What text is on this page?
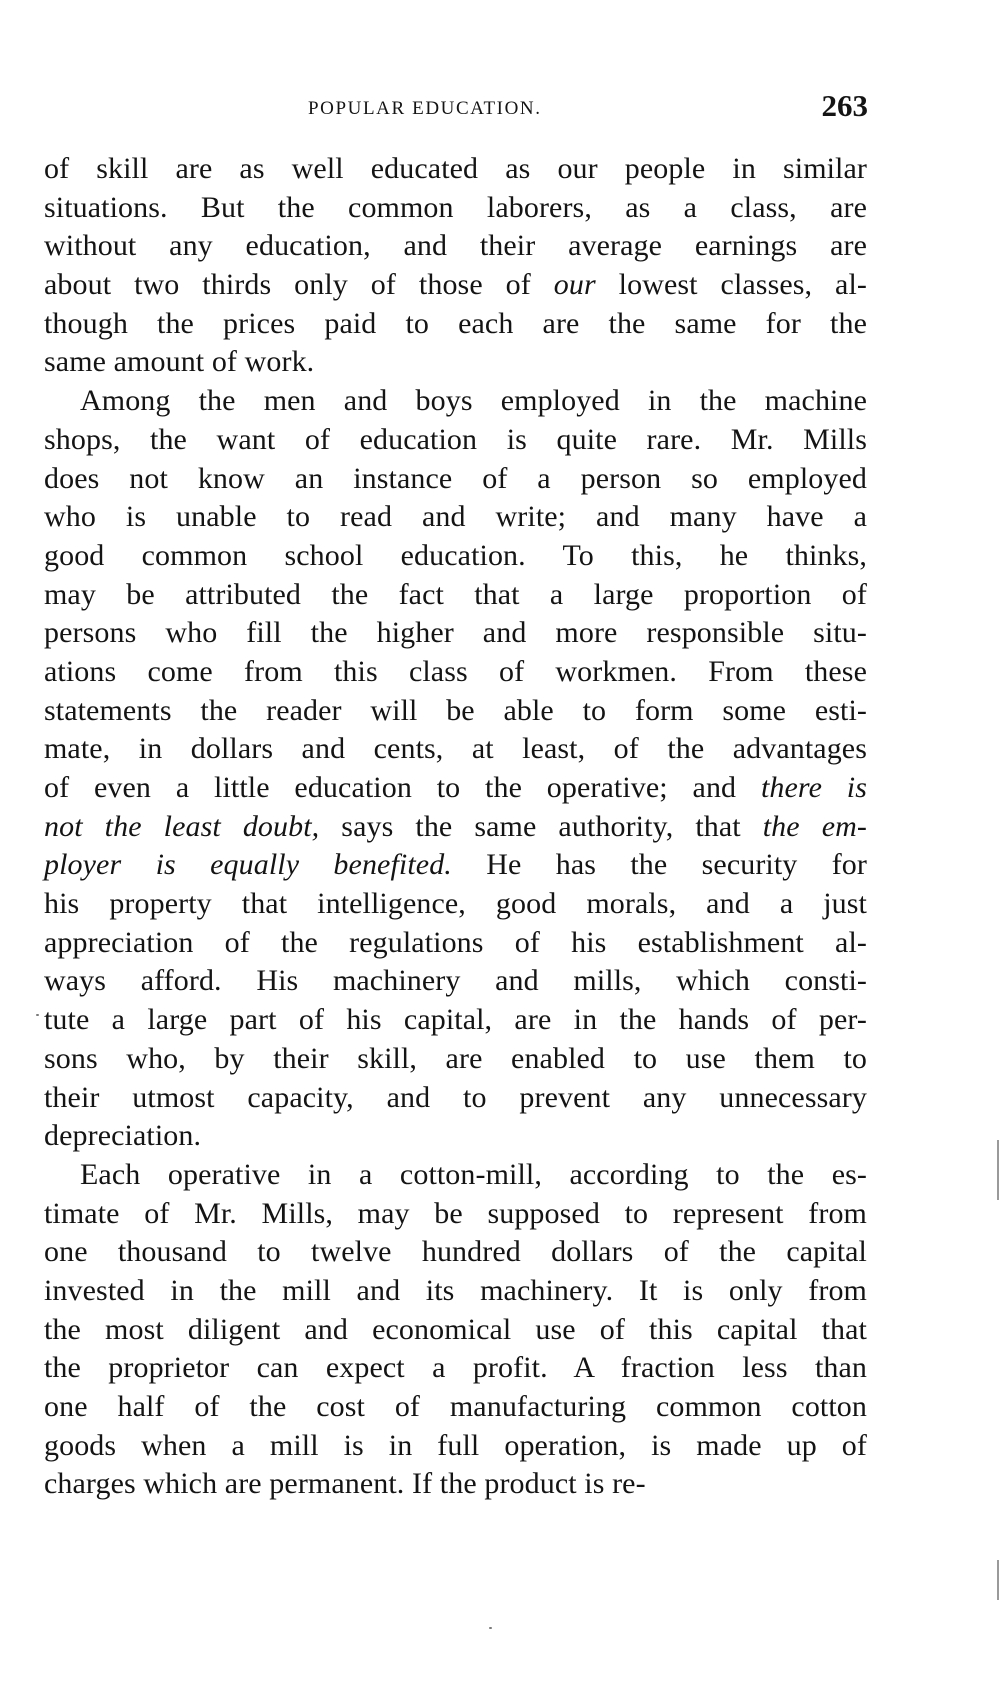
POPULAR EDUCATION.	263
of skill are as well educated as our people in similar
situations. But the common laborers, as a class, are
without any education, and their average earnings are
about two thirds only of those of our lowest classes, al-
though the prices paid to each are the same for the
same amount of work.
Among the men and boys employed in the machine
shops, the want of education is quite rare. Mr. Mills
does not know an instance of a person so employed
who is unable to read and write; and many have a
good common school education. To this, he thinks,
may be attributed the fact that a large proportion of
persons who fill the higher and more responsible situ-
ations come from this class of workmen. From these
statements the reader will be able to form some esti-
mate, in dollars and cents, at least, of the advantages
of even a little education to the operative; and there is
not the least doubt, says the same authority, that the em-
ployer is equally benefited. He has the security for
his property that intelligence, good morals, and a just
appreciation of the regulations of his establishment al-
ways afford. His machinery and mills, which consti-
tute a large part of his capital, are in the hands of per-
sons who, by their skill, are enabled to use them to
their utmost capacity, and to prevent any unnecessary
depreciation.
Each operative in a cotton-mill, according to the es-
timate of Mr. Mills, may be supposed to represent from
one thousand to twelve hundred dollars of the capital
invested in the mill and its machinery. It is only from
the most diligent and economical use of this capital that
the proprietor can expect a profit. A fraction less than
one half of the cost of manufacturing common cotton
goods when a mill is in full operation, is made up of
charges which are permanent. If the product is re-
